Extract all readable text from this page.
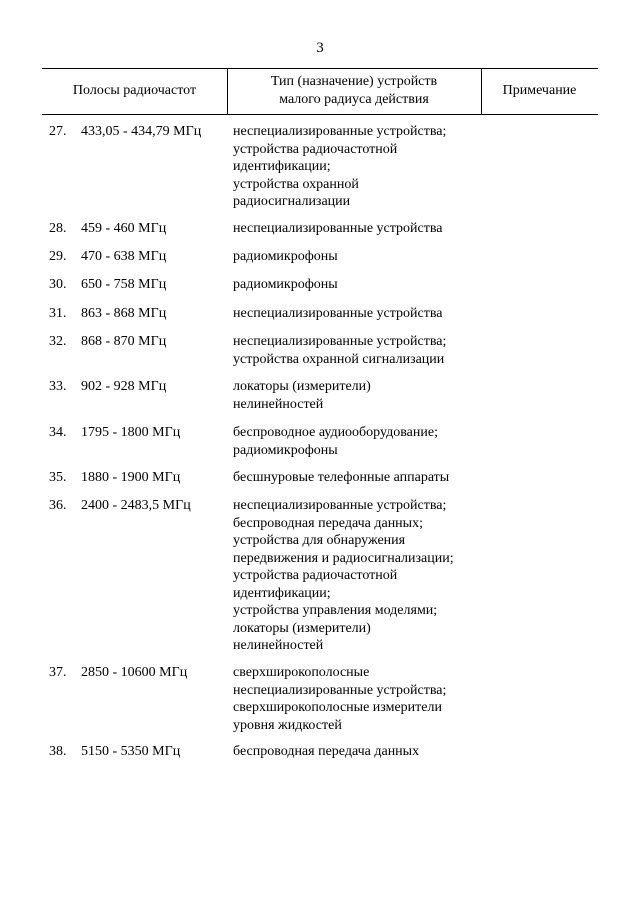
3
Полосы радиочастот
Тип (назначение) устройств
малого радиуса действия
Примечание
27. 433,05 - 434,79 МГц неспециализированные устройства;
устройства радиочастотной
идентификации;
устройства охранной
радиосигнализации
28. 459 - 460 МГц	неспециализированные устройства
29. 470 - 638 МГц	радиомикрофоны
30. 650 - 758 МГц	радиомикрофоны
31. 863 - 868 МГц	неспециализированные устройства
32. 868 - 870 МГц	неспециализированные устройства;
устройства охранной сигнализации
33. 902 - 928 МГц	локаторы (измерители)
нелинейностей
34. 1795 - 1800 МГц	беспроводное аудиооборудование;
радиомикрофоны
35. 1880 - 1900 МГц	бесшнуровые телефонные аппараты
36. 2400 - 2483,5 МГц	неспециализированные устройства;
беспроводная передача данных;
устройства для обнаружения
передвижения и радиосигнализации;
устройства радиочастотной
идентификации;
устройства управления моделями;
локаторы (измерители)
нелинейностей
37. 2850 - 10600 МГц	сверхширокополосные
неспециализированные устройства;
сверхширокополосные измерители
уровня жидкостей
38. 5150 - 5350 МГц	беспроводная передача данных
